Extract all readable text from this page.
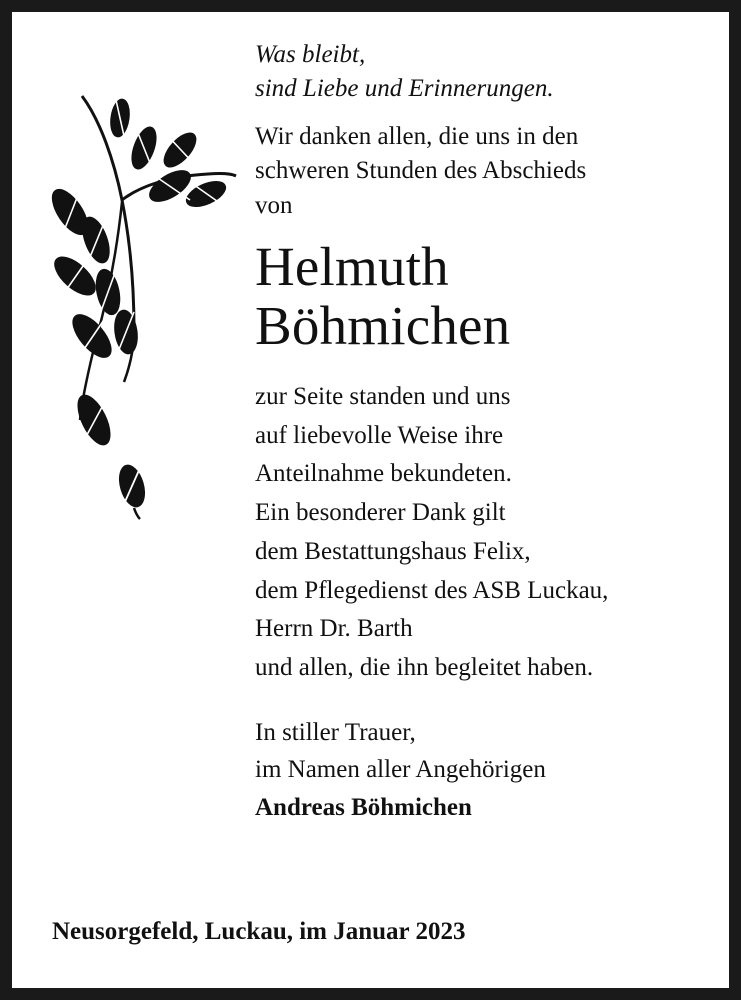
Was bleibt,
sind Liebe und Erinnerungen.
Wir danken allen, die uns in den
schweren Stunden des Abschieds
von
Helmuth
Böhmichen
zur Seite standen und uns
auf liebevolle Weise ihre
Anteilnahme bekundeten.
Ein besonderer Dank gilt
dem Bestattungshaus Felix,
dem Pflegedienst des ASB Luckau,
Herrn Dr. Barth
und allen, die ihn begleitet haben.
In stiller Trauer,
im Namen aller Angehörigen
Andreas Böhmichen
Neusorgefeld, Luckau, im Januar 2023
